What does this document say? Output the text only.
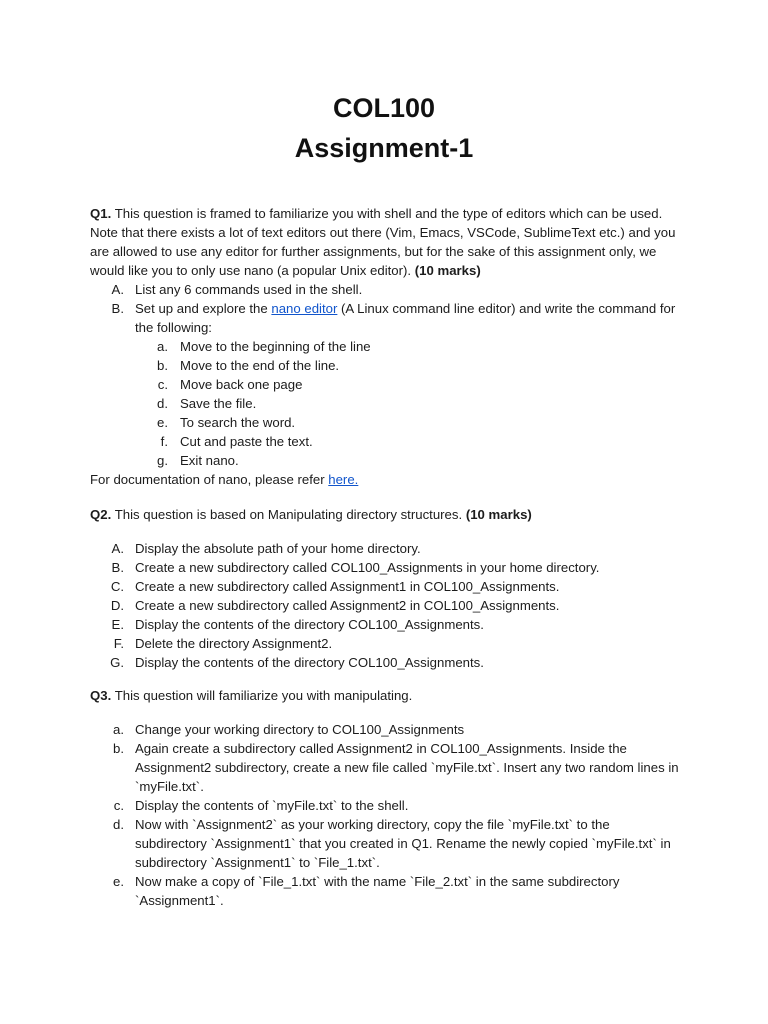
COL100
Assignment-1

Q1. This question is framed to familiarize you with shell and the type of editors which can be used. Note that there exists a lot of text editors out there (Vim, Emacs, VSCode, SublimeText etc.) and you are allowed to use any editor for further assignments, but for the sake of this assignment only, we would like you to only use nano (a popular Unix editor). (10 marks)

A. List any 6 commands used in the shell.
B. Set up and explore the nano editor (A Linux command line editor) and write the command for the following:
a. Move to the beginning of the line
b. Move to the end of the line.
c. Move back one page
d. Save the file.
e. To search the word.
f. Cut and paste the text.
g. Exit nano.

For documentation of nano, please refer here.

Q2. This question is based on Manipulating directory structures. (10 marks)

A. Display the absolute path of your home directory.
B. Create a new subdirectory called COL100_Assignments in your home directory.
C. Create a new subdirectory called Assignment1 in COL100_Assignments.
D. Create a new subdirectory called Assignment2 in COL100_Assignments.
E. Display the contents of the directory COL100_Assignments.
F. Delete the directory Assignment2.
G. Display the contents of the directory COL100_Assignments.

Q3. This question will familiarize you with manipulating.

a. Change your working directory to COL100_Assignments
b. Again create a subdirectory called Assignment2 in COL100_Assignments. Inside the Assignment2 subdirectory, create a new file called `myFile.txt`. Insert any two random lines in `myFile.txt`.
c. Display the contents of `myFile.txt` to the shell.
d. Now with `Assignment2` as your working directory, copy the file `myFile.txt` to the subdirectory `Assignment1` that you created in Q1. Rename the newly copied `myFile.txt` in subdirectory `Assignment1` to `File_1.txt`.
e. Now make a copy of `File_1.txt` with the name `File_2.txt` in the same subdirectory `Assignment1`.
